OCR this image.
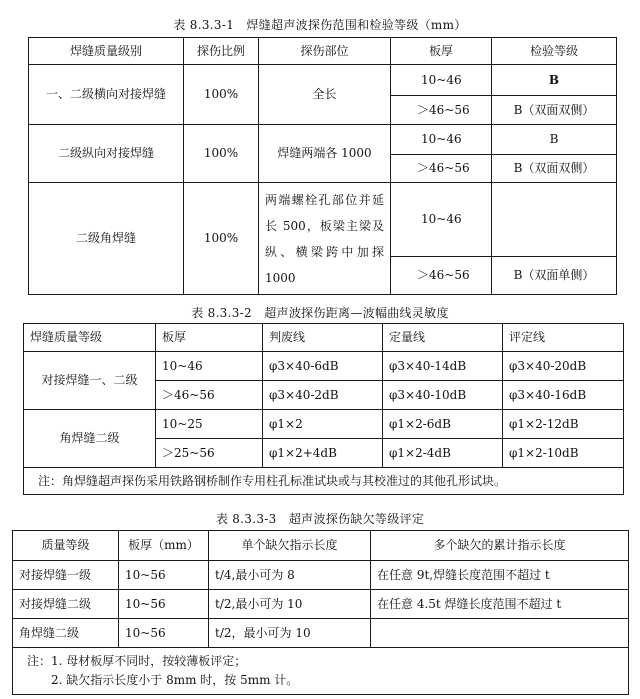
表 8.3.3-1　焊缝超声波探伤范围和检验等级（mm）
焊缝质量级别	探伤比例	探伤部位	板厚	检验等级
一、二级横向对接焊缝	100%	全长	10~46	B
			＞46~56	B（双面双侧）
二级纵向对接焊缝	100%	焊缝两端各 1000	10~46	B
			＞46~56	B（双面双侧）
二级角焊缝	100%	两端螺栓孔部位并延长 500，板梁主梁及纵、横梁跨中加探 1000	10~46	
			＞46~56	B（双面单侧）
表 8.3.3-2　超声波探伤距离—波幅曲线灵敏度
焊缝质量等级	板厚	判废线	定量线	评定线
对接焊缝一、二级	10~46	φ3×40-6dB	φ3×40-14dB	φ3×40-20dB
	＞46~56	φ3×40-2dB	φ3×40-10dB	φ3×40-16dB
角焊缝二级	10~25	φ1×2	φ1×2-6dB	φ1×2-12dB
	＞25~56	φ1×2+4dB	φ1×2-4dB	φ1×2-10dB
注：角焊缝超声探伤采用铁路钢桥制作专用柱孔标准试块或与其校准过的其他孔形试块。				
表 8.3.3-3　超声波探伤缺欠等级评定
质量等级	板厚（mm）	单个缺欠指示长度	多个缺欠的累计指示长度
对接焊缝一级	10~56	t/4,最小可为 8	在任意 9t,焊缝长度范围不超过 t
对接焊缝二级	10~56	t/2,最小可为 10	在任意 4.5t 焊缝长度范围不超过 t
角焊缝二级	10~56	t/2，最小可为 10	

注：1. 母材板厚不同时，按较薄板评定；
2. 缺欠指示长度小于 8mm 时，按 5mm 计。			
